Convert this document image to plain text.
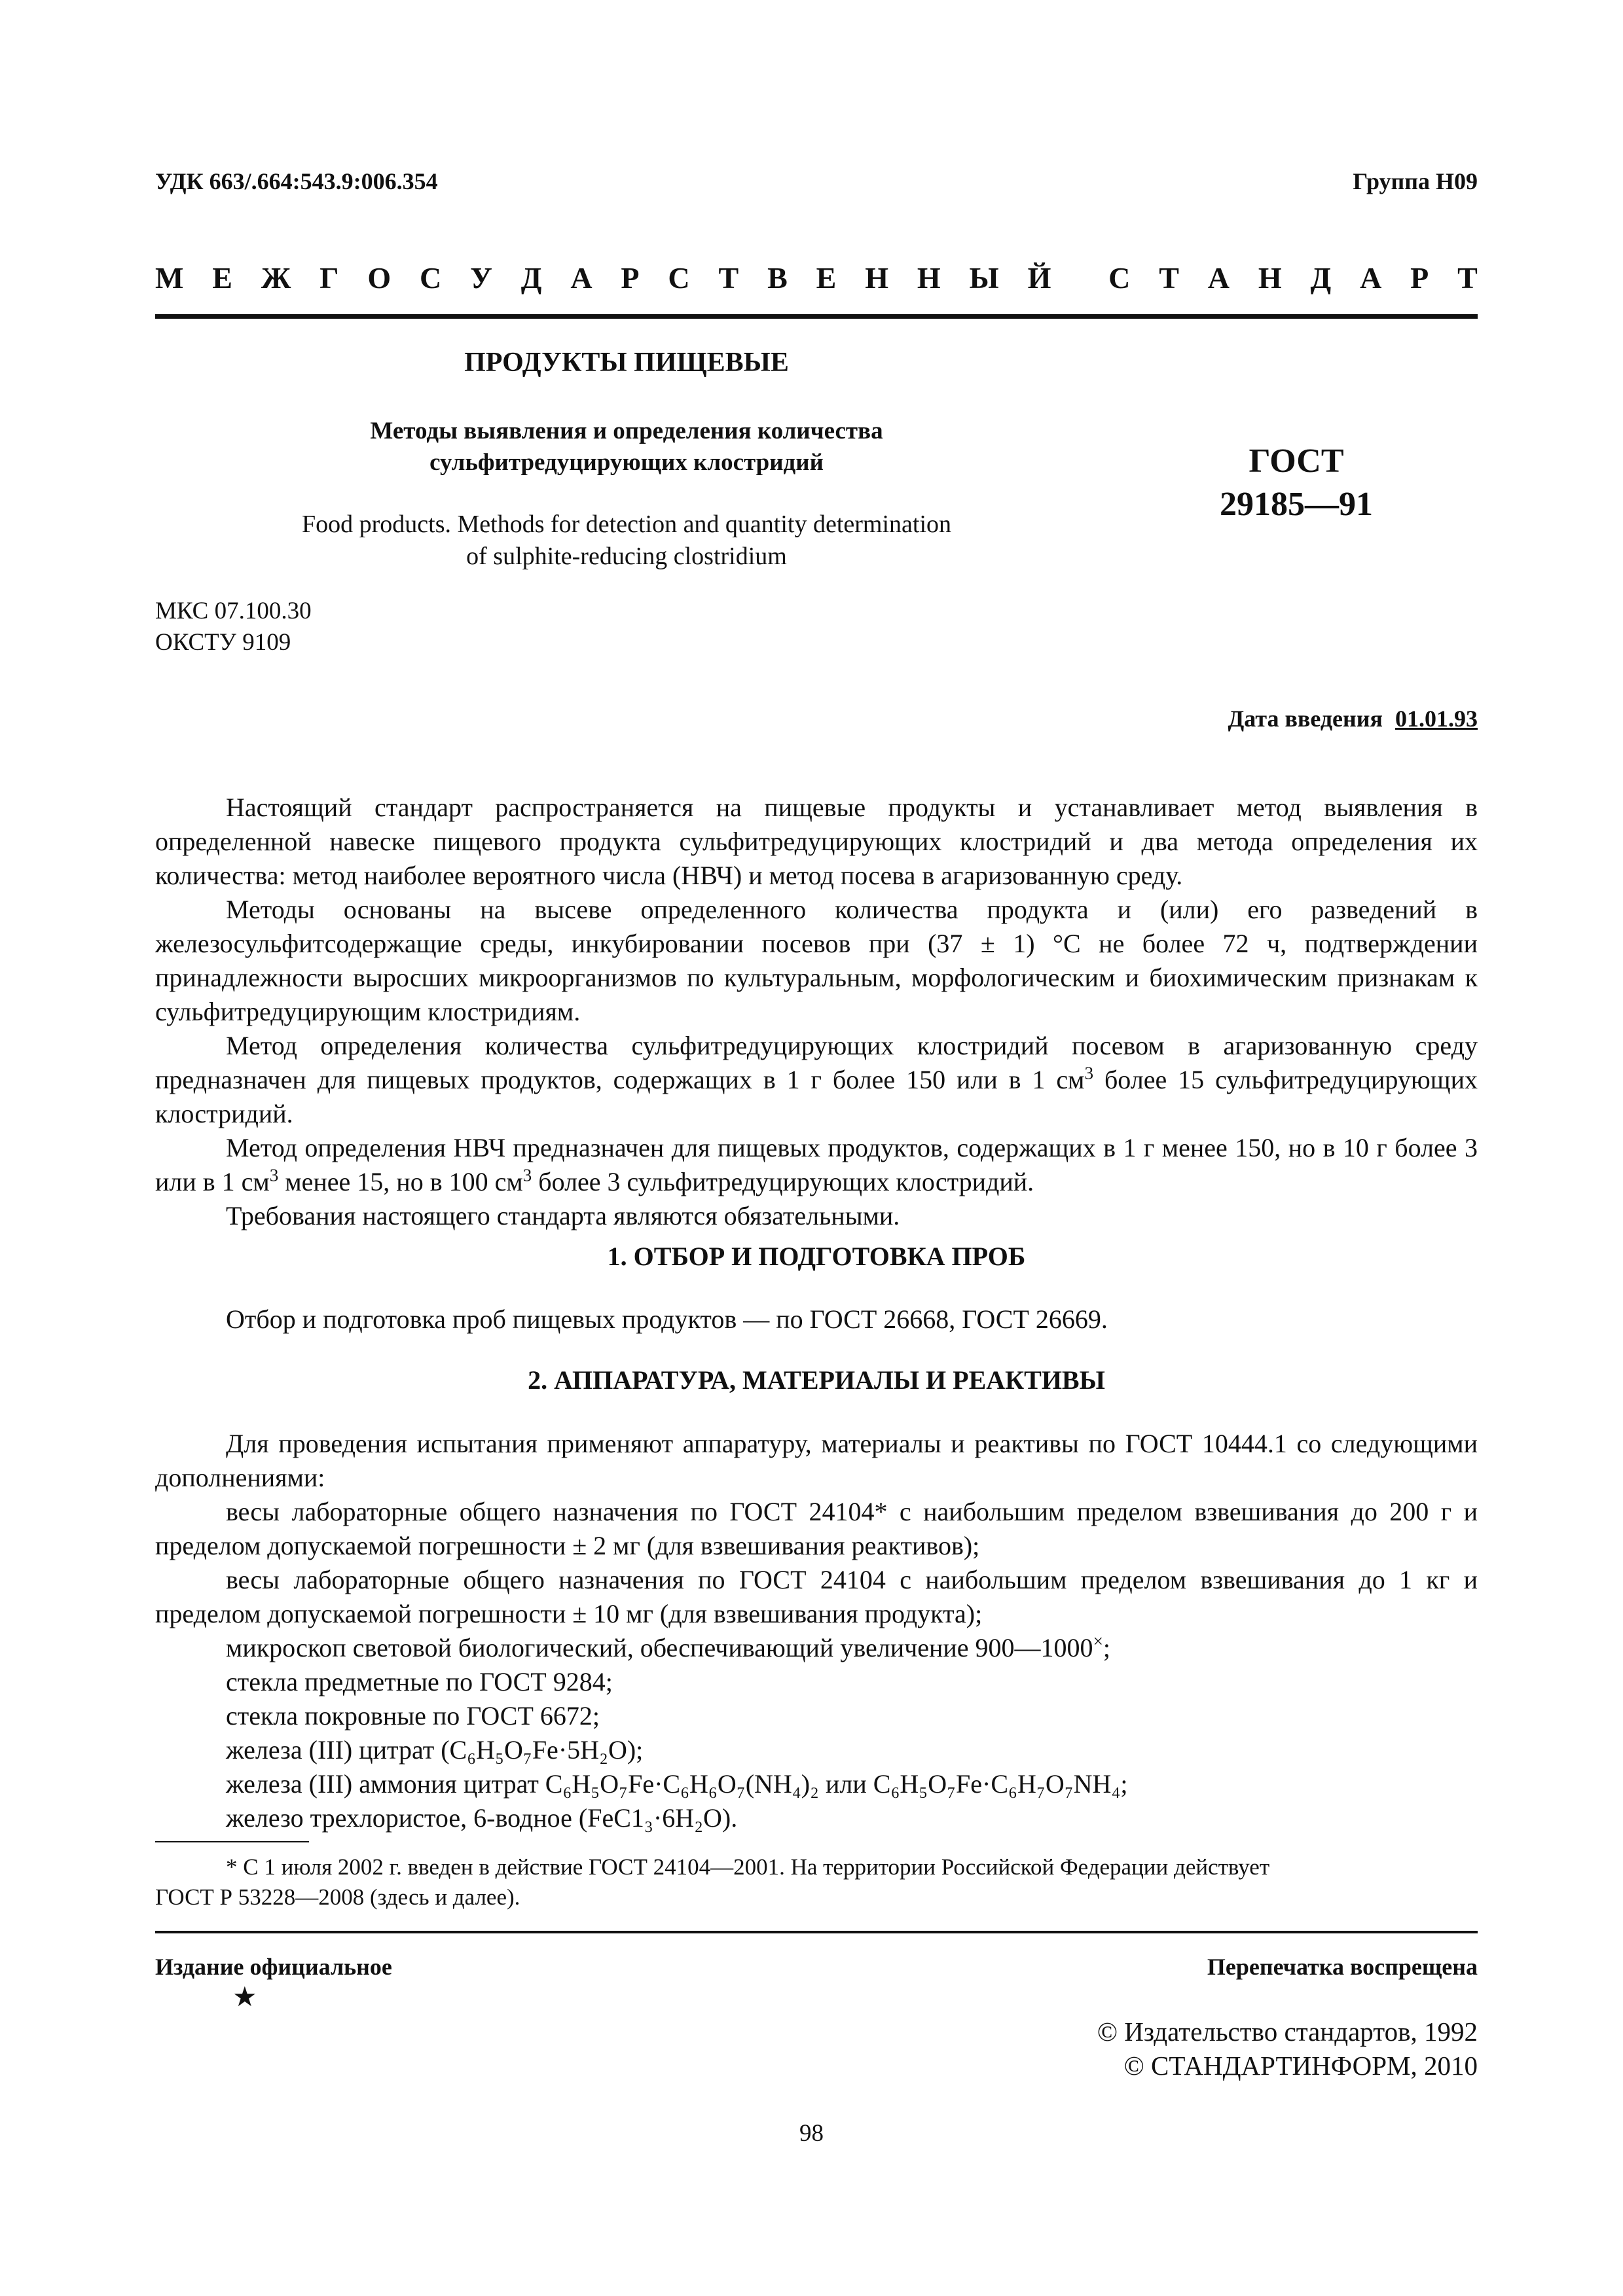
УДК 663/.664:543.9:006.354	Группа Н09
М Е Ж Г О С У Д А Р С Т В Е Н Н Ы Й С Т А Н Д А Р Т
ПРОДУКТЫ ПИЩЕВЫЕ
Методы выявления и определения количества
сульфитредуцирующих клостридий
Food products. Methods for detection and quantity determination
of sulphite-reducing clostridium
ГОСТ
29185—91
МКС 07.100.30
ОКСТУ 9109
Дата введения 01.01.93

Настоящий стандарт распространяется на пищевые продукты и устанавливает метод выявления в определенной навеске пищевого продукта сульфитредуцирующих клостридий и два метода определения их количества: метод наиболее вероятного числа (НВЧ) и метод посева в агаризованную среду.

Методы основаны на высеве определенного количества продукта и (или) его разведений в железосульфитсодержащие среды, инкубировании посевов при (37 ± 1) °С не более 72 ч, подтверждении принадлежности выросших микроорганизмов по культуральным, морфологическим и биохимическим признакам к сульфитредуцирующим клостридиям.

Метод определения количества сульфитредуцирующих клостридий посевом в агаризованную среду предназначен для пищевых продуктов, содержащих в 1 г более 150 или в 1 $см^3$ более 15 сульфитредуцирующих клостридий.

Метод определения НВЧ предназначен для пищевых продуктов, содержащих в 1 г менее 150, но в 10 г более 3 или в 1 $см^3$ менее 15, но в 100 $см^3$ более 3 сульфитредуцирующих клостридий.

Требования настоящего стандарта являются обязательными.

1. ОТБОР И ПОДГОТОВКА ПРОБ

Отбор и подготовка проб пищевых продуктов — по ГОСТ 26668, ГОСТ 26669.

2. АППАРАТУРА, МАТЕРИАЛЫ И РЕАКТИВЫ

Для проведения испытания применяют аппаратуру, материалы и реактивы по ГОСТ 10444.1 со следующими дополнениями:

весы лабораторные общего назначения по ГОСТ 24104* с наибольшим пределом взвешивания до 200 г и пределом допускаемой погрешности ± 2 мг (для взвешивания реактивов);

весы лабораторные общего назначения по ГОСТ 24104 с наибольшим пределом взвешивания до 1 кг и пределом допускаемой погрешности ± 10 мг (для взвешивания продукта);

микроскоп световой биологический, обеспечивающий увеличение 900—1000×;

стекла предметные по ГОСТ 9284;

стекла покровные по ГОСТ 6672;

железа (III) цитрат (C₆H₅O₇Fe·5H₂O);

железа (III) аммония цитрат C₆H₅O₇Fe·C₆H₆O₇(NH₄)₂ или C₆H₅O₇Fe·C₆H₇O₇NH₄;

железо трехлористое, 6-водное (FeC1₃·6H₂O).

* С 1 июля 2002 г. введен в действие ГОСТ 24104—2001. На территории Российской Федерации действует
ГОСТ Р 53228—2008 (здесь и далее).
Издание официальное
★
Перепечатка воспрещена
© Издательство стандартов, 1992
© СТАНДАРТИНФОРМ, 2010
98
